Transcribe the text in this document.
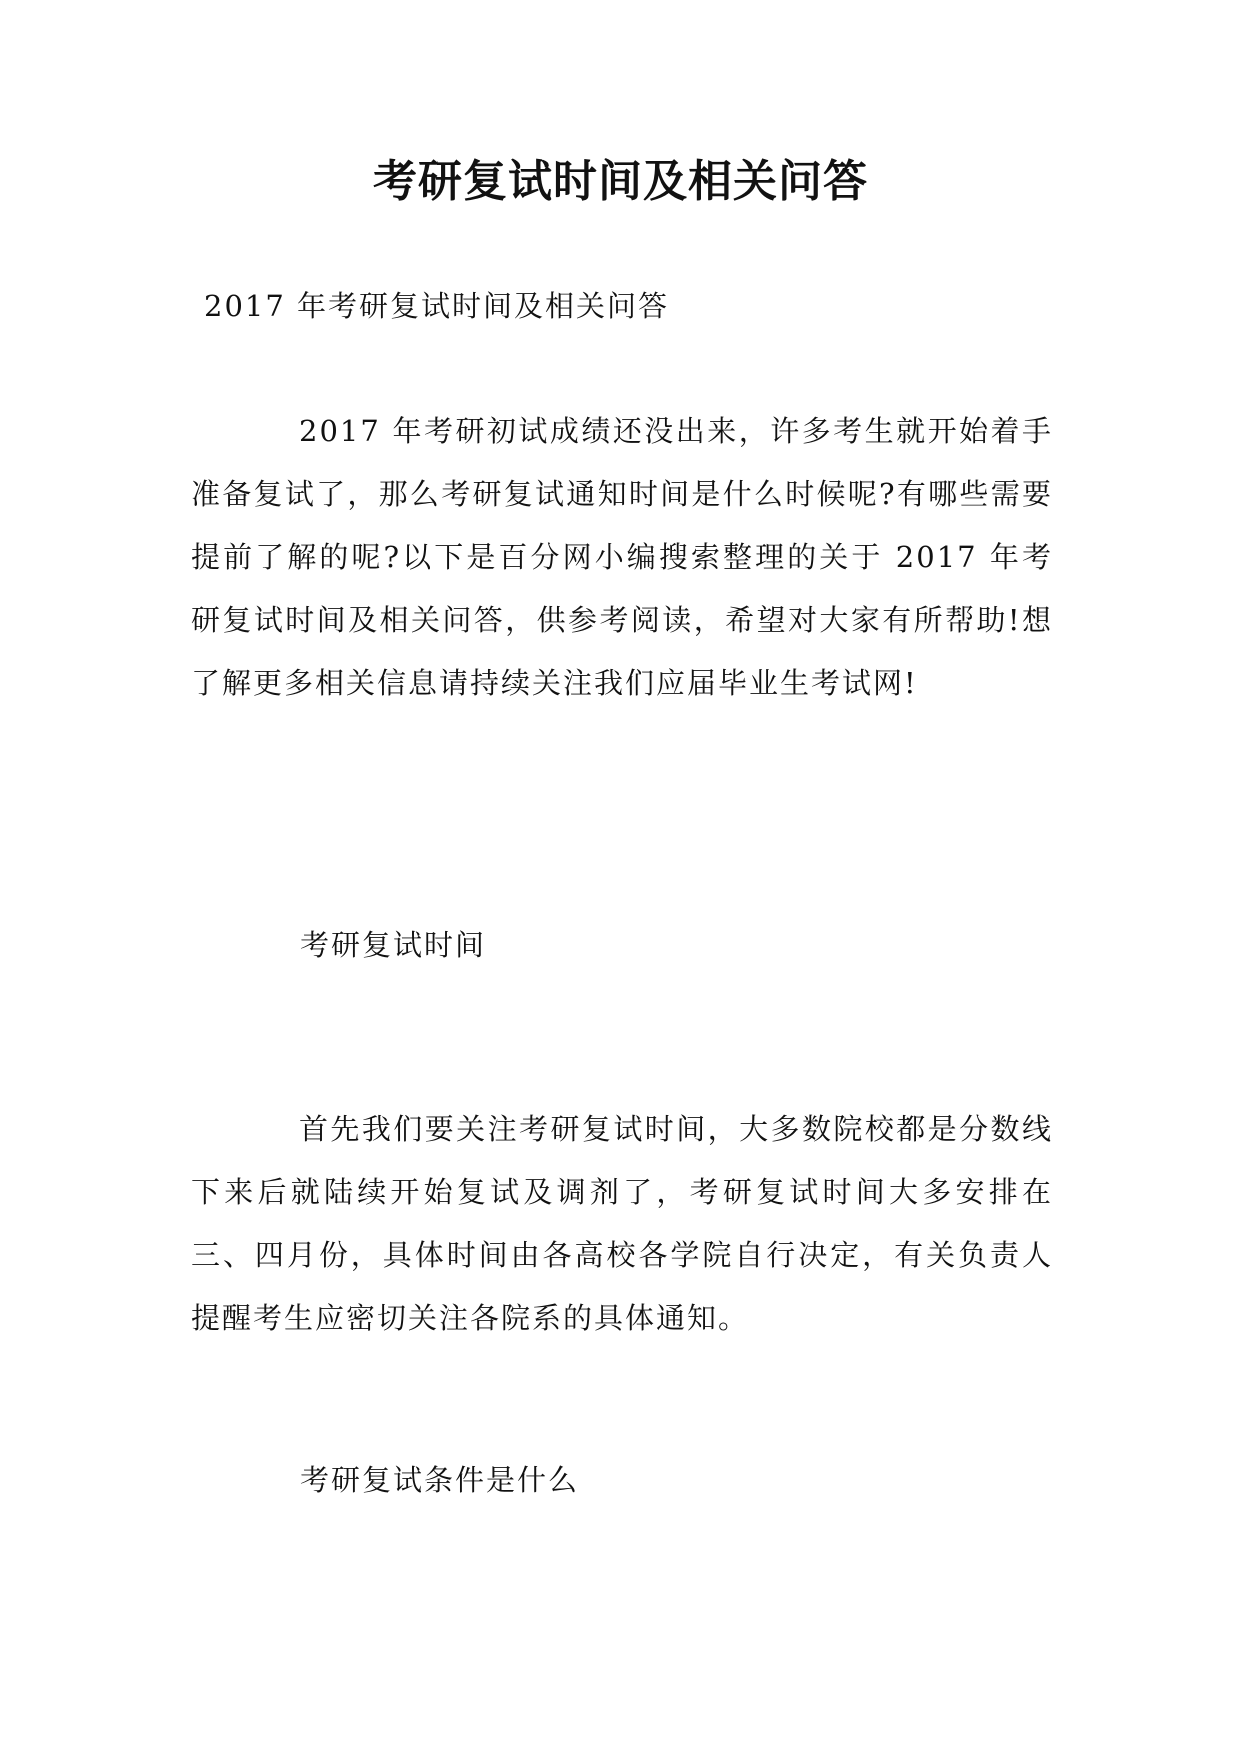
考研复试时间及相关问答

2017 年考研复试时间及相关问答

2017 年考研初试成绩还没出来，许多考生就开始着手准备复试了，那么考研复试通知时间是什么时候呢?有哪些需要提前了解的呢?以下是百分网小编搜索整理的关于 2017 年考研复试时间及相关问答，供参考阅读，希望对大家有所帮助!想了解更多相关信息请持续关注我们应届毕业生考试网!

考研复试时间

首先我们要关注考研复试时间，大多数院校都是分数线下来后就陆续开始复试及调剂了，考研复试时间大多安排在三、四月份，具体时间由各高校各学院自行决定，有关负责人提醒考生应密切关注各院系的具体通知。

考研复试条件是什么
